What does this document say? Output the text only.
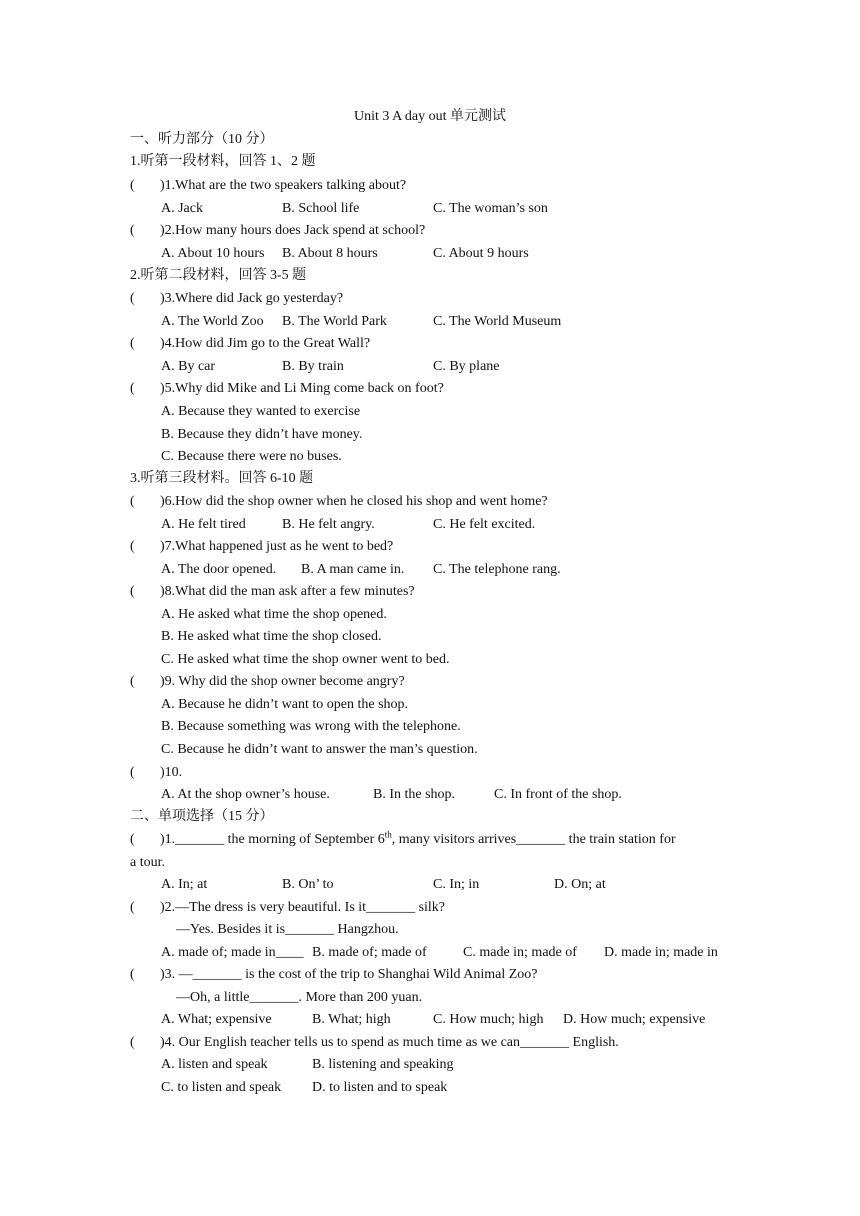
Unit 3 A day out 单元测试
一、听力部分（10 分）
1.听第一段材料，回答 1、2 题
( )1.What are the two speakers talking about?
A. Jack	B. School life	C. The woman’s son
( )2.How many hours does Jack spend at school?
A. About 10 hours B. About 8 hours	C. About 9 hours
2.听第二段材料，回答 3-5 题
( )3.Where did Jack go yesterday?
A. The World Zoo B. The World Park	C. The World Museum
( )4.How did Jim go to the Great Wall?
A. By car	B. By train	C. By plane
( )5.Why did Mike and Li Ming come back on foot?
A. Because they wanted to exercise
B. Because they didn’t have money.
C. Because there were no buses.
3.听第三段材料。回答 6-10 题
( )6.How did the shop owner when he closed his shop and went home?
A. He felt tired	B. He felt angry.	C. He felt excited.
( )7.What happened just as he went to bed?
A. The door opened. B. A man came in. C. The telephone rang.
( )8.What did the man ask after a few minutes?
A. He asked what time the shop opened.
B. He asked what time the shop closed.
C. He asked what time the shop owner went to bed.
( )9. Why did the shop owner become angry?
A. Because he didn’t want to open the shop.
B. Because something was wrong with the telephone.
C. Because he didn’t want to answer the man’s question.
( )10.
A. At the shop owner’s house.	B. In the shop.	C. In front of the shop.
二、单项选择（15 分）
( )1._______ the morning of September 6th, many visitors arrives_______ the train station for
a tour.
A. In; at	B. On’ to	C. In; in	D. On; at
( )2.—The dress is very beautiful. Is it_______ silk?
—Yes. Besides it is_______ Hangzhou.
A. made of; made in____ B. made of; made of	C. made in; made of D. made in; made in
( )3. —_______ is the cost of the trip to Shanghai Wild Animal Zoo?
—Oh, a little_______. More than 200 yuan.
A. What; expensive	B. What; high	C. How much; high D. How much; expensive
( )4. Our English teacher tells us to spend as much time as we can_______ English.
A. listen and speak	B. listening and speaking
C. to listen and speak D. to listen and to speak
